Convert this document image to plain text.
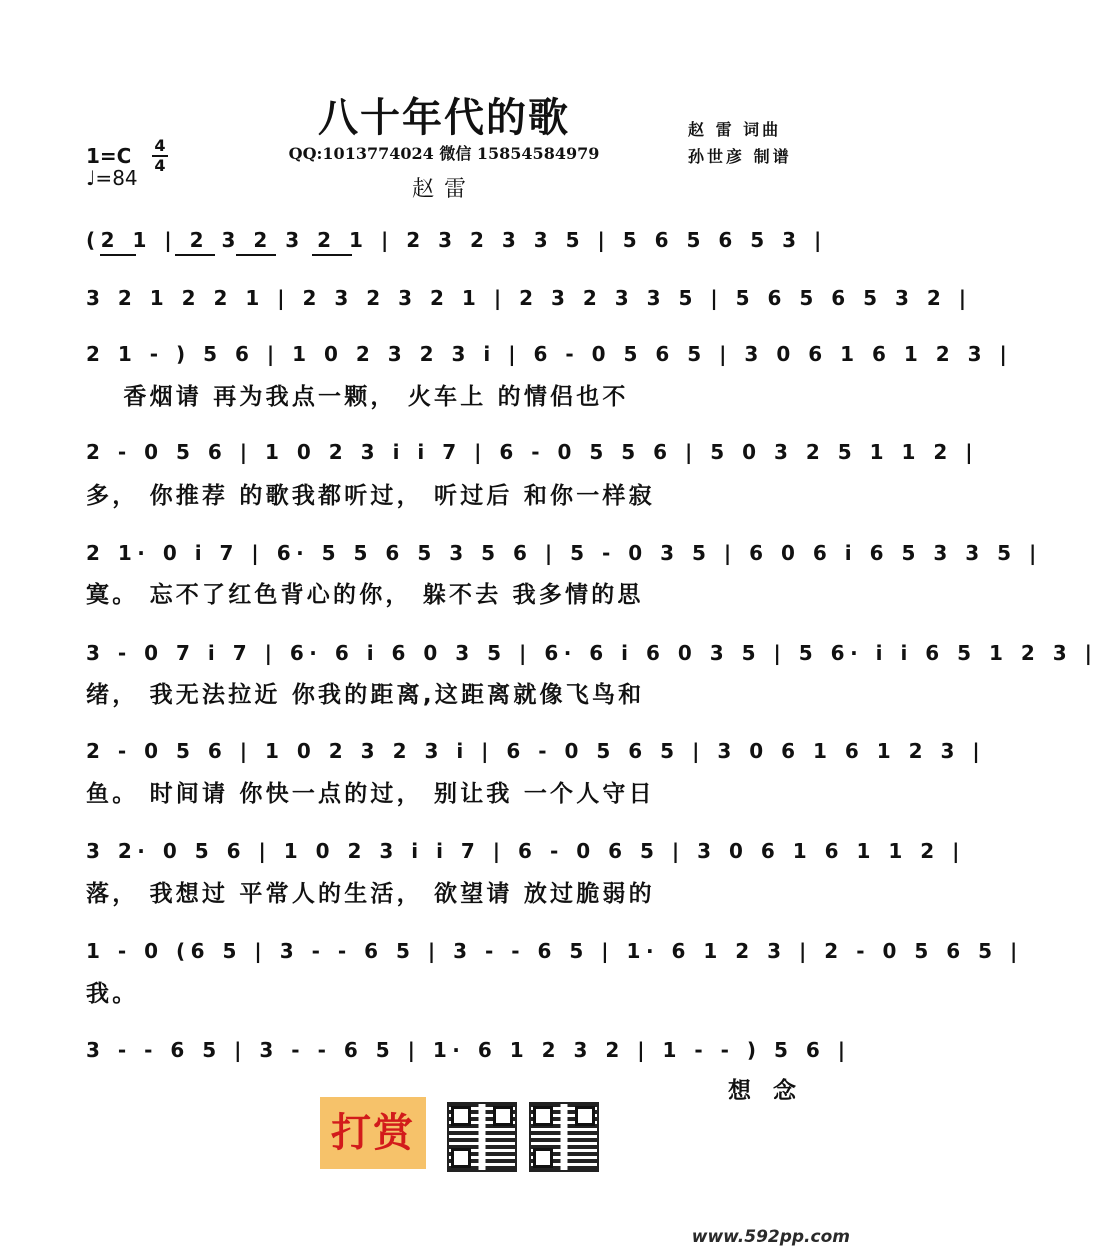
八十年代的歌
QQ:1013774024 微信 15854584979
赵雷
赵 雷 词曲
孙世彦 制谱
1=C
♩=84
4
4
(2 1 | 2 3 2 3 2 1 | 2 3 2 3 3 5 | 5 6 5 6 5 3 |
3 2 1 2 2 1 | 2 3 2 3 2 1 | 2 3 2 3 3 5 | 5 6 5 6 5 3 2 |
2 1 - ) 5 6 | 1 0 2 3 2 3 i | 6 - 0 5 6 5 | 3 0 6 1 6 1 2 3 |
　 香烟请 再为我点一颗， 火车上 的情侣也不
2 - 0 5 6 | 1 0 2 3 i i 7 | 6 - 0 5 5 6 | 5 0 3 2 5 1 1 2 |
多， 你推荐 的歌我都听过， 听过后 和你一样寂
2 1· 0 i 7 | 6· 5 5 6 5 3 5 6 | 5 - 0 3 5 | 6 0 6 i 6 5 3 3 5 |
寞。 忘不了红色背心的你， 躲不去 我多情的思
3 - 0 7 i 7 | 6· 6 i 6 0 3 5 | 6· 6 i 6 0 3 5 | 5 6· i i 6 5 1 2 3 |
绪， 我无法拉近 你我的距离,这距离就像飞鸟和
2 - 0 5 6 | 1 0 2 3 2 3 i | 6 - 0 5 6 5 | 3 0 6 1 6 1 2 3 |
鱼。 时间请 你快一点的过， 别让我 一个人守日
3 2· 0 5 6 | 1 0 2 3 i i 7 | 6 - 0 6 5 | 3 0 6 1 6 1 1 2 |
落， 我想过 平常人的生活， 欲望请 放过脆弱的
1 - 0 (6 5 | 3 - - 6 5 | 3 - - 6 5 | 1· 6 1 2 3 | 2 - 0 5 6 5 |
我。
3 - - 6 5 | 3 - - 6 5 | 1· 6 1 2 3 2 | 1 - - ) 5 6 |
想念
打赏
www.592pp.com
